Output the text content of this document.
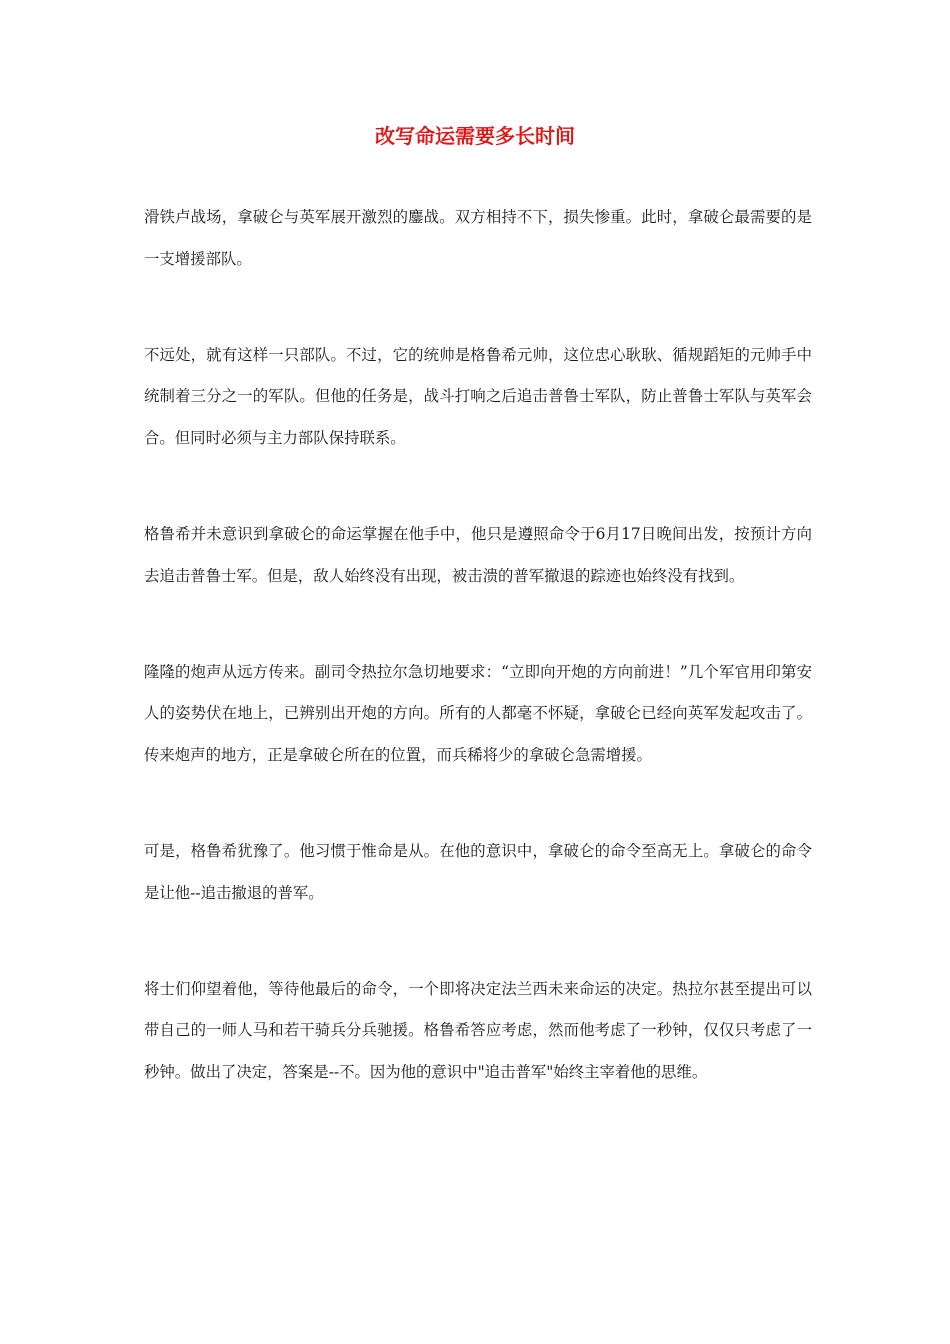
改写命运需要多长时间

滑铁卢战场，拿破仑与英军展开激烈的鏖战。双方相持不下，损失惨重。此时，拿破仑最需要的是一支增援部队。

不远处，就有这样一只部队。不过，它的统帅是格鲁希元帅，这位忠心耿耿、循规蹈矩的元帅手中统制着三分之一的军队。但他的任务是，战斗打响之后追击普鲁士军队，防止普鲁士军队与英军会合。但同时必须与主力部队保持联系。

格鲁希并未意识到拿破仑的命运掌握在他手中，他只是遵照命令于6月17日晚间出发，按预计方向去追击普鲁士军。但是，敌人始终没有出现，被击溃的普军撤退的踪迹也始终没有找到。

隆隆的炮声从远方传来。副司令热拉尔急切地要求：“立即向开炮的方向前进！”几个军官用印第安人的姿势伏在地上，已辨别出开炮的方向。所有的人都毫不怀疑，拿破仑已经向英军发起攻击了。传来炮声的地方，正是拿破仑所在的位置，而兵稀将少的拿破仑急需增援。

可是，格鲁希犹豫了。他习惯于惟命是从。在他的意识中，拿破仑的命令至高无上。拿破仑的命令是让他--追击撤退的普军。

将士们仰望着他，等待他最后的命令，一个即将决定法兰西未来命运的决定。热拉尔甚至提出可以带自己的一师人马和若干骑兵分兵驰援。格鲁希答应考虑，然而他考虑了一秒钟，仅仅只考虑了一秒钟。做出了决定，答案是--不。因为他的意识中"追击普军"始终主宰着他的思维。
